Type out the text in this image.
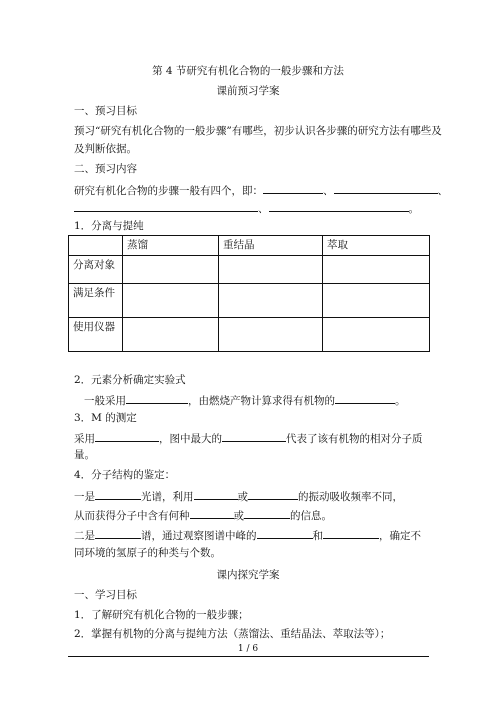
第 4 节研究有机化合物的一般步骤和方法
课前预习学案
一、预习目标
预习“研究有机化合物的一般步骤”有哪些，初步认识各步骤的研究方法有哪些及
及判断依据。
二、预习内容
研究有机化合物的步骤一般有四个，即：	、	、
、	。
1．分离与提纯
	蒸馏	重结晶	萃取
分离对象			
满足条件			
使用仪器			
2．元素分析确定实验式
一般采用	，由燃烧产物计算求得有机物的	。
3．M 的测定
采用	，图中最大的	代表了该有机物的相对分子质
量。
4．分子结构的鉴定：
一是	光谱，利用	或	的振动吸收频率不同，
从而获得分子中含有何种	或	的信息。
二是	谱，通过观察图谱中峰的	和	，确定不
同环境的氢原子的种类与个数。
课内探究学案
一、学习目标
1．了解研究有机化合物的一般步骤；
2．掌握有机物的分离与提纯方法（蒸馏法、重结晶法、萃取法等）；
1 / 6
